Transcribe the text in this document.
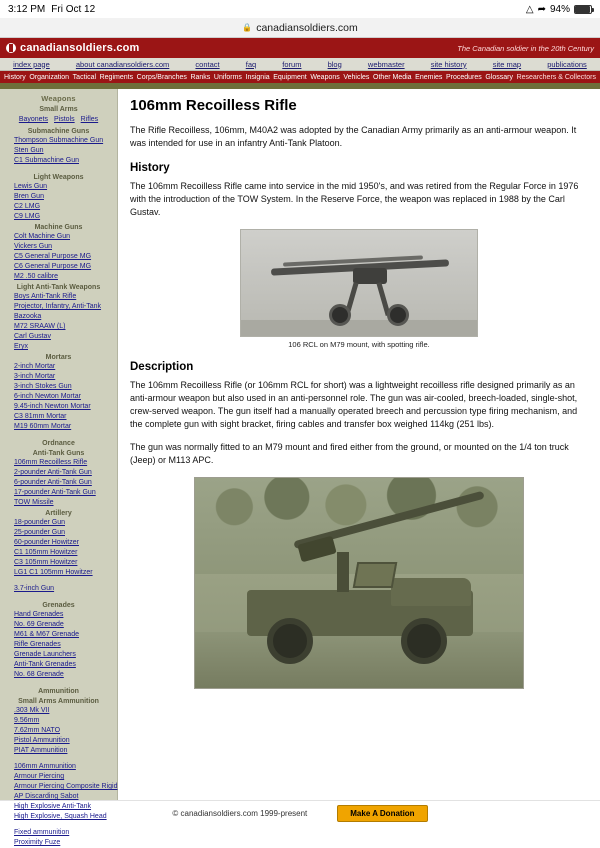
3:12 PM Fri Oct 12	△ ➦ 94%
🔒 canadiansoldiers.com
canadiansoldiers.com	The Canadian soldier in the 20th Century
index page	about canadiansoldiers.com	contact	faq	forum	blog	webmaster	site history	site map	publications
History Organization Tactical Regiments Corps/Branches Ranks Uniforms Insignia Equipment Weapons Vehicles Other Media Enemies Procedures Glossary Researchers & Collectors
Weapons
Small Arms
Bayonets Pistols Rifles
Submachine Guns
Thompson Submachine Gun
Sten Gun
C1 Submachine Gun
Light Weapons
Lewis Gun
Bren Gun
C2 LMG
C9 LMG
Machine Guns
Colt Machine Gun
Vickers Gun
C5 General Purpose MG
C6 General Purpose MG
M2 .50 calibre
Light Anti-Tank Weapons
Boys Anti-Tank Rifle
Projector, Infantry, Anti-Tank
Bazooka
M72 SRAAW (L)
Carl Gustav
Eryx
Mortars
2-inch Mortar
3-inch Mortar
3-inch Stokes Gun
6-inch Newton Mortar
9.45-inch Newton Mortar
C3 81mm Mortar
M19 60mm Mortar
Ordnance
Anti-Tank Guns
106mm Recoilless Rifle
2-pounder Anti-Tank Gun
6-pounder Anti-Tank Gun
17-pounder Anti-Tank Gun
TOW Missile
Artillery
18-pounder Gun
25-pounder Gun
60-pounder Howitzer
C1 105mm Howitzer
C3 105mm Howitzer
LG1 C1 105mm Howitzer
3.7-inch Gun
Grenades
Hand Grenades
No. 69 Grenade
M61 & M67 Grenade
Rifle Grenades
Grenade Launchers
Anti-Tank Grenades
No. 68 Grenade
Ammunition
Small Arms Ammunition
.303 Mk VII
9.56mm
7.62mm NATO
Pistol Ammunition
PIAT Ammunition
106mm Ammunition
Armour Piercing
Armour Piercing Composite Rigid
AP Discarding Sabot
High Explosive Anti-Tank
High Explosive, Squash Head
Fixed ammunition
Proximity Fuze
106mm Recoilless Rifle

The Rifle Recoilless, 106mm, M40A2 was adopted by the Canadian Army primarily as an anti-armour weapon. It was intended for use in an infantry Anti-Tank Platoon.

History

The 106mm Recoilless Rifle came into service in the mid 1950's, and was retired from the Regular Force in 1976 with the introduction of the TOW System. In the Reserve Force, the weapon was replaced in 1988 by the Carl Gustav.

106 RCL on M79 mount, with spotting rifle.
Description

The 106mm Recoilless Rifle (or 106mm RCL for short) was a lightweight recoilless rifle designed primarily as an anti-armour weapon but also used in an anti-personnel role. The gun was air-cooled, breech-loaded, single-shot, crew-served weapon. The gun itself had a manually operated breech and percussion type firing mechanism, and the complete gun with sight bracket, firing cables and transfer box weighed 114kg (251 lbs).

The gun was normally fitted to an M79 mount and fired either from the ground, or mounted on the 1/4 ton truck (Jeep) or M113 APC.

© canadiansoldiers.com 1999-present	Make A Donation
